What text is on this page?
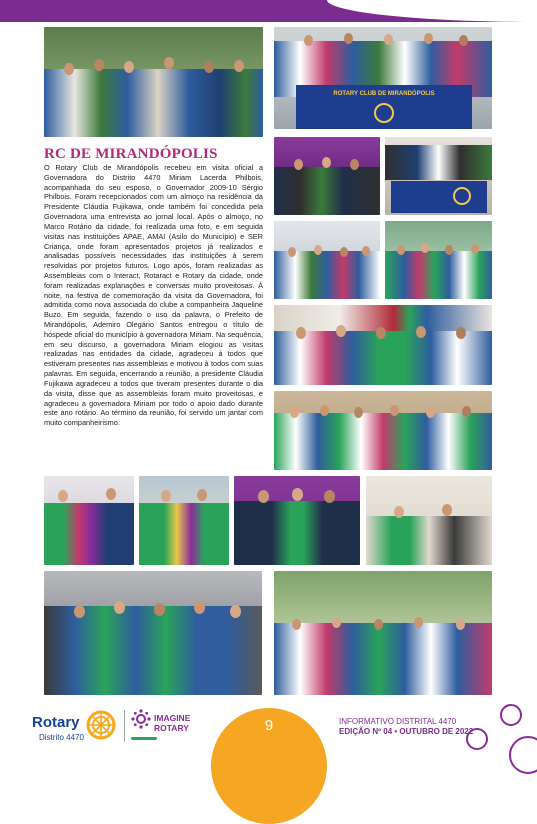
ROTARY CLUB DE MIRANDÓPOLIS
RC DE MIRANDÓPOLIS

O Rotary Club de Mirandópolis recebeu em visita oficial a Governadora do Distrito 4470 Miriam Lacerda Philbois, acompanhada do seu esposo, o Governador 2009-10 Sérgio Philbois. Foram recepcionados com um almoço na residência da Presidente Cláudia Fujikawa, onde também foi concedida pela Governadora uma entrevista ao jornal local. Após o almoço, no Marco Rotário da cidade, foi realizada uma foto, e em seguida visitas nas instituições APAE, AMAI (Asilo do Município) e SER Criança, onde foram apresentados projetos já realizados e analisadas possíveis necessidades das instituições à serem resolvidas por projetos futuros. Logo após, foram realizadas as Assembleias com o Interact, Rotaract e Rotary da cidade, onde foram realizadas explanações e conversas muito proveitosas. À noite, na festiva de comemoração da visita da Governadora, foi admitida como nova associada do clube a companheira Jaqueline Buzo. Em seguida, fazendo o uso da palavra, o Prefeito de Mirandópolis, Ademiro Olegário Santos entregou o título de hóspede oficial do município à governadora Miriam. Na sequência, em seu discurso, a governadora Miriam elogiou as visitas realizadas nas entidades da cidade, agradeceu à todos que estiveram presentes nas assembleias e motivou à todos com suas palavras. Em seguida, encerrando a reunião, a presidente Cláudia Fujikawa agradeceu a todos que tiveram presentes durante o dia da visita, disse que as assembleias foram muito proveitosas, e agradeceu a governadora Miriam por todo o apoio dado durante este ano rotário. Ao término da reunião, foi servido um jantar com muito companheirismo.

9
Rotary
Distrito 4470
IMAGINE
ROTARY
INFORMATIVO DISTRITAL 4470
EDIÇÃO Nº 04 • OUTUBRO DE 2022
